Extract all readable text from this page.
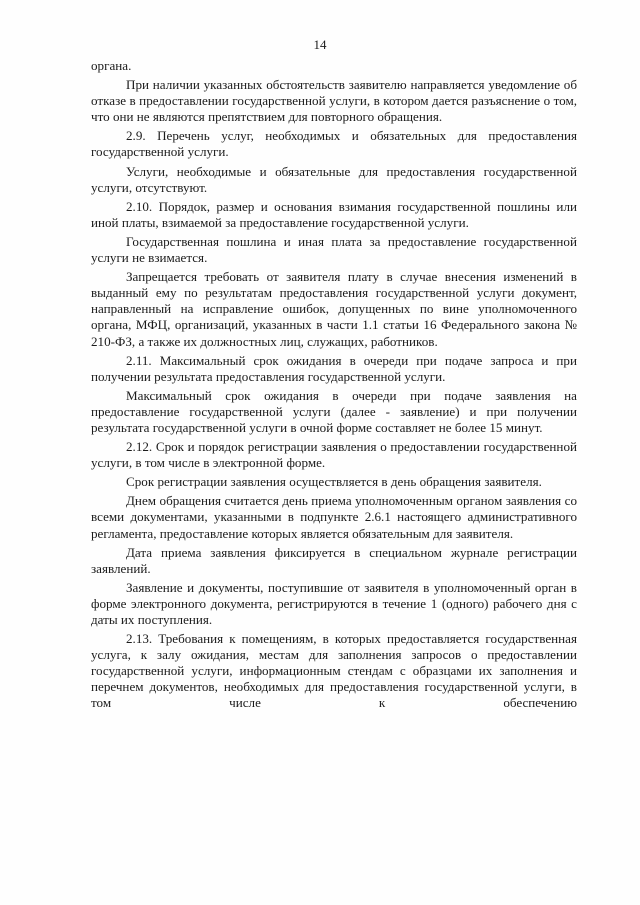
14

органа.

При наличии указанных обстоятельств заявителю направляется уведомление об отказе в предоставлении государственной услуги, в котором дается разъяснение о том, что они не являются препятствием для повторного обращения.

2.9. Перечень услуг, необходимых и обязательных для предоставления государственной услуги.

Услуги, необходимые и обязательные для предоставления государственной услуги, отсутствуют.

2.10. Порядок, размер и основания взимания государственной пошлины или иной платы, взимаемой за предоставление государственной услуги.

Государственная пошлина и иная плата за предоставление государственной услуги не взимается.

Запрещается требовать от заявителя плату в случае внесения изменений в выданный ему по результатам предоставления государственной услуги документ, направленный на исправление ошибок, допущенных по вине уполномоченного органа, МФЦ, организаций, указанных в части 1.1 статьи 16 Федерального закона № 210-ФЗ, а также их должностных лиц, служащих, работников.

2.11. Максимальный срок ожидания в очереди при подаче запроса и при получении результата предоставления государственной услуги.

Максимальный срок ожидания в очереди при подаче заявления на предоставление государственной услуги (далее - заявление) и при получении результата государственной услуги в очной форме составляет не более 15 минут.

2.12. Срок и порядок регистрации заявления о предоставлении государственной услуги, в том числе в электронной форме.

Срок регистрации заявления осуществляется в день обращения заявителя.

Днем обращения считается день приема уполномоченным органом заявления со всеми документами, указанными в подпункте 2.6.1 настоящего административного регламента, предоставление которых является обязательным для заявителя.

Дата приема заявления фиксируется в специальном журнале регистрации заявлений.

Заявление и документы, поступившие от заявителя в уполномоченный орган в форме электронного документа, регистрируются в течение 1 (одного) рабочего дня с даты их поступления.

2.13. Требования к помещениям, в которых предоставляется государственная услуга, к залу ожидания, местам для заполнения запросов о предоставлении государственной услуги, информационным стендам с образцами их заполнения и перечнем документов, необходимых для предоставления государственной услуги, в том числе к обеспечению
